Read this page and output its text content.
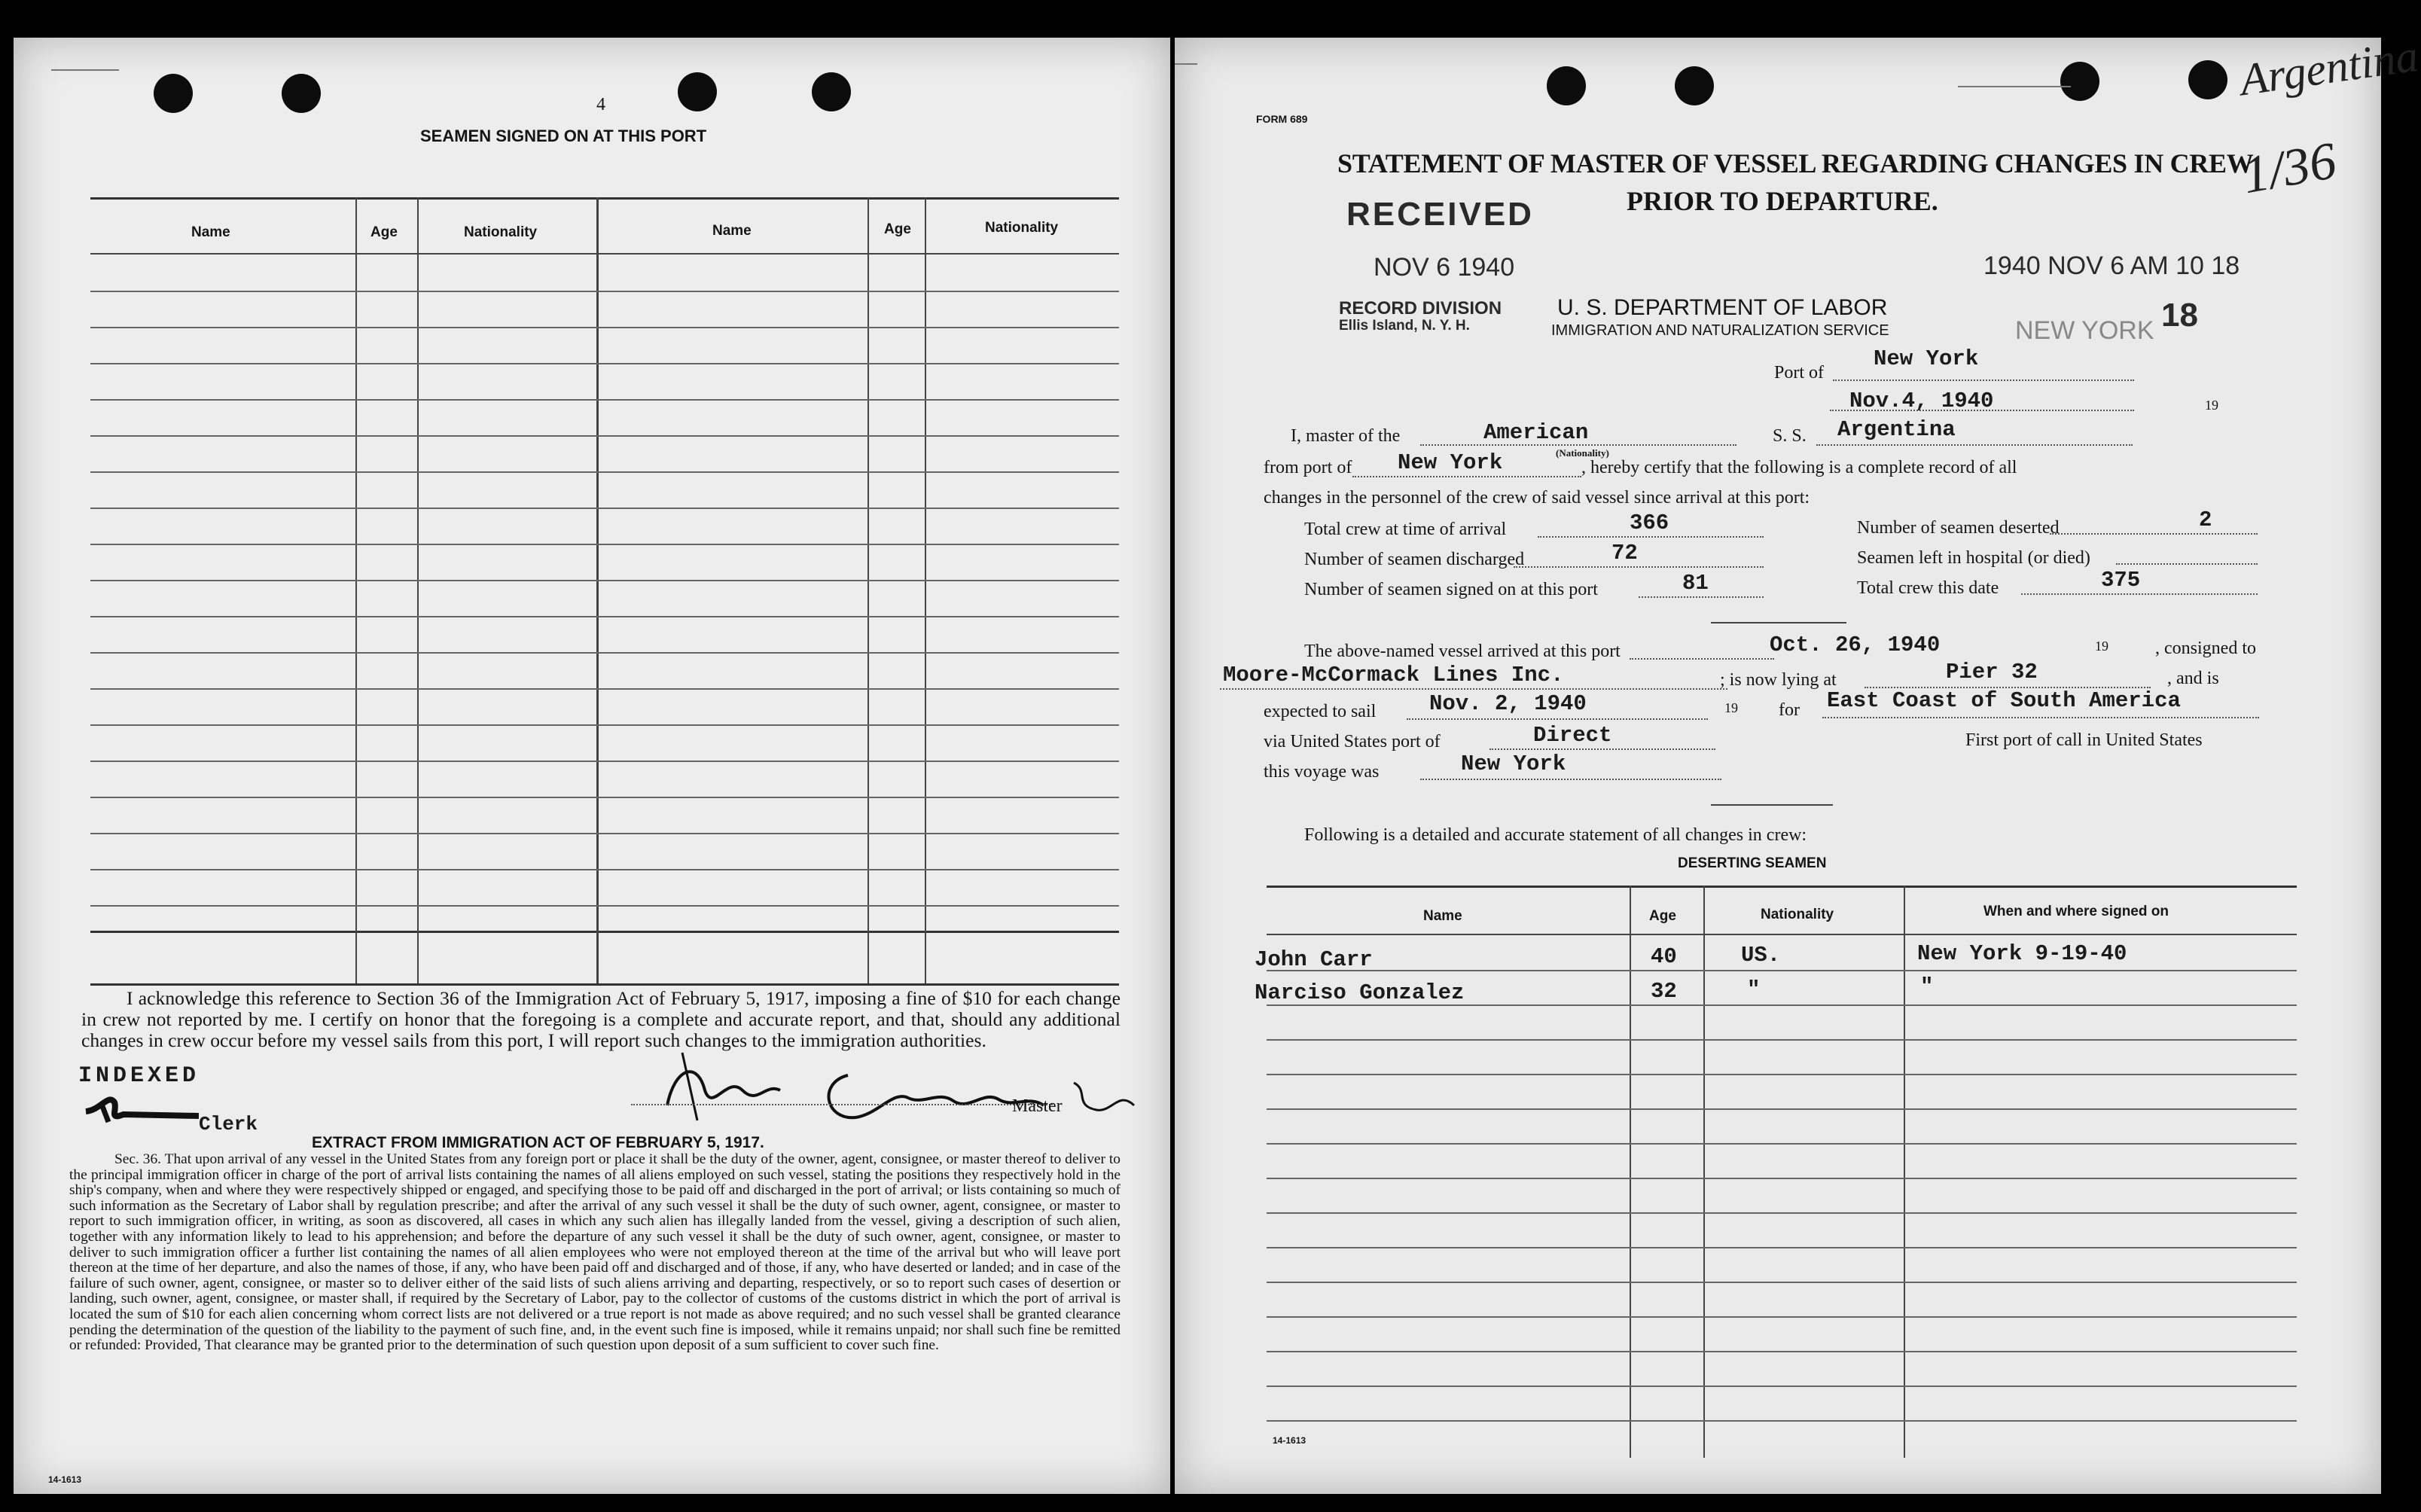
4
SEAMEN SIGNED ON AT THIS PORT
Name	Age	Nationality	Name	Age	Nationality
I acknowledge this reference to Section 36 of the Immigration Act of February 5, 1917, imposing a fine of $10 for each change in crew not reported by me. I certify on honor that the foregoing is a complete and accurate report, and that, should any additional changes in crew occur before my vessel sails from this port, I will report such changes to the immigration authorities.
INDEXED
Clerk
Master
EXTRACT FROM IMMIGRATION ACT OF FEBRUARY 5, 1917.
Sec. 36. That upon arrival of any vessel in the United States from any foreign port or place it shall be the duty of the owner, agent, consignee, or master thereof to deliver to the principal immigration officer in charge of the port of arrival lists containing the names of all aliens employed on such vessel, stating the positions they respectively hold in the ship's company, when and where they were respectively shipped or engaged, and specifying those to be paid off and discharged in the port of arrival; or lists containing so much of such information as the Secretary of Labor shall by regulation prescribe; and after the arrival of any such vessel it shall be the duty of such owner, agent, consignee, or master to report to such immigration officer, in writing, as soon as discovered, all cases in which any such alien has illegally landed from the vessel, giving a description of such alien, together with any information likely to lead to his apprehension; and before the departure of any such vessel it shall be the duty of such owner, agent, consignee, or master to deliver to such immigration officer a further list containing the names of all alien employees who were not employed thereon at the time of the arrival but who will leave port thereon at the time of her departure, and also the names of those, if any, who have been paid off and discharged and of those, if any, who have deserted or landed; and in case of the failure of such owner, agent, consignee, or master so to deliver either of the said lists of such aliens arriving and departing, respectively, or so to report such cases of desertion or landing, such owner, agent, consignee, or master shall, if required by the Secretary of Labor, pay to the collector of customs of the customs district in which the port of arrival is located the sum of $10 for each alien concerning whom correct lists are not delivered or a true report is not made as above required; and no such vessel shall be granted clearance pending the determination of the question of the liability to the payment of such fine, and, in the event such fine is imposed, while it remains unpaid; nor shall such fine be remitted or refunded: Provided, That clearance may be granted prior to the determination of such question upon deposit of a sum sufficient to cover such fine.
14-1613
Argentina
1/36
FORM 689
STATEMENT OF MASTER OF VESSEL REGARDING CHANGES IN CREW
PRIOR TO DEPARTURE.
RECEIVED
NOV 6 1940
RECORD DIVISION
Ellis Island, N. Y. H.
1940 NOV 6 AM 10 18
NEW YORK 18
U. S. DEPARTMENT OF LABOR
IMMIGRATION AND NATURALIZATION SERVICE
Port of
New York
Nov.4, 1940	19
I, master of the	American
(Nationality)
S. S. Argentina
from port of New York	, hereby certify that the following is a complete record of all
changes in the personnel of the crew of said vessel since arrival at this port:
Total crew at time of arrival	366	Number of seamen deserted	2
Number of seamen discharged	72	Seamen left in hospital (or died)
Number of seamen signed on at this port	81	Total crew this date	375
The above-named vessel arrived at this port	Oct. 26, 1940	19	, consigned to
Moore-McCormack Lines Inc.	; is now lying at	Pier 32	, and is
expected to sail Nov. 2, 1940	19 for East Coast of South America
via United States port of	Direct	First port of call in United States
this voyage was	New York
Following is a detailed and accurate statement of all changes in crew:
DESERTING SEAMEN
Name	Age	Nationality	When and where signed on
John Carr	40	US.	New York 9-19-40
Narciso Gonzalez	32	"	"
14-1613
